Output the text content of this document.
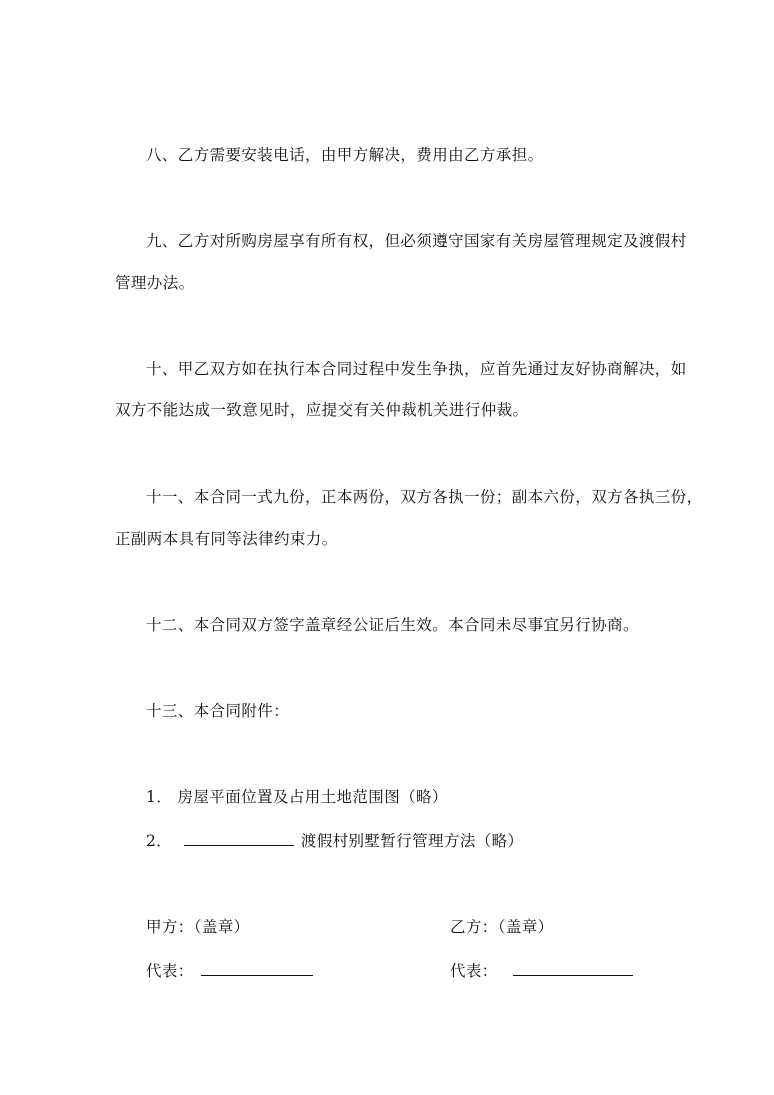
八、乙方需要安装电话，由甲方解决，费用由乙方承担。
九、乙方对所购房屋享有所有权，但必须遵守国家有关房屋管理规定及渡假村
管理办法。
十、甲乙双方如在执行本合同过程中发生争执，应首先通过友好协商解决，如
双方不能达成一致意见时，应提交有关仲裁机关进行仲裁。
十一、本合同一式九份，正本两份，双方各执一份；副本六份，双方各执三份，
正副两本具有同等法律约束力。
十二、本合同双方签字盖章经公证后生效。本合同未尽事宜另行协商。
十三、本合同附件：
1． 房屋平面位置及占用土地范围图（略）
2．	渡假村别墅暂行管理方法（略）
甲方：（盖章）	乙方：（盖章）
代表：	代表：
